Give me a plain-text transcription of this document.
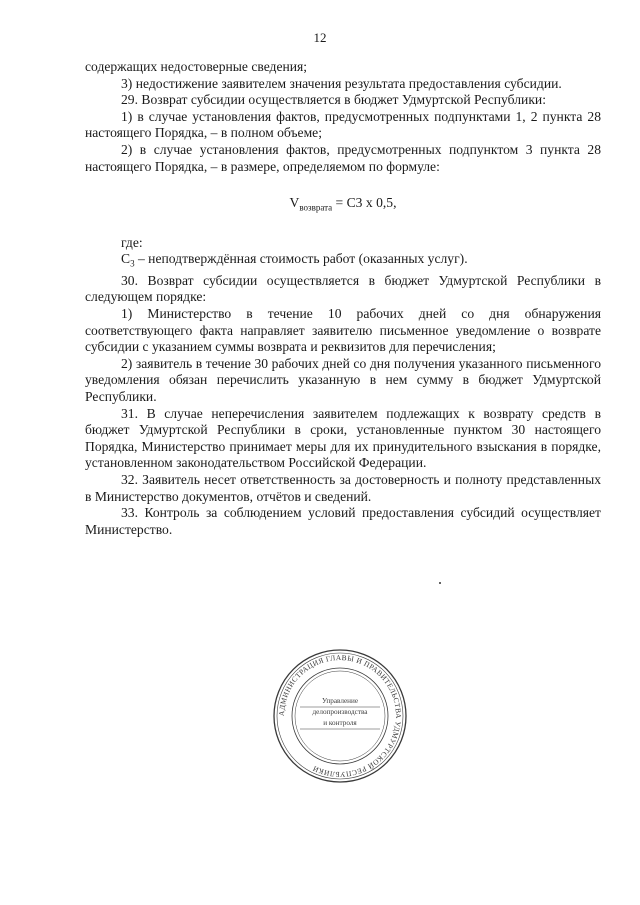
12

содержащих недостоверные сведения;

3) недостижение заявителем значения результата предоставления субсидии.

29. Возврат субсидии осуществляется в бюджет Удмуртской Республики:

1) в случае установления фактов, предусмотренных подпунктами 1, 2 пункта 28 настоящего Порядка, – в полном объеме;

2) в случае установления фактов, предусмотренных подпунктом 3 пункта 28 настоящего Порядка, – в размере, определяемом по формуле:

$V_{возврата} = С3$ х 0,5,

где:

$С_3$ – неподтверждённая стоимость работ (оказанных услуг).

30. Возврат субсидии осуществляется в бюджет Удмуртской Республики в следующем порядке:

1) Министерство в течение 10 рабочих дней со дня обнаружения соответствующего факта направляет заявителю письменное уведомление о возврате субсидии с указанием суммы возврата и реквизитов для перечисления;

2) заявитель в течение 30 рабочих дней со дня получения указанного письменного уведомления обязан перечислить указанную в нем сумму в бюджет Удмуртской Республики.

31. В случае неперечисления заявителем подлежащих к возврату средств в бюджет Удмуртской Республики в сроки, установленные пунктом 30 настоящего Порядка, Министерство принимает меры для их принудительного взыскания в порядке, установленном законодательством Российской Федерации.

32. Заявитель несет ответственность за достоверность и полноту представленных в Министерство документов, отчётов и сведений.

33. Контроль за соблюдением условий предоставления субсидий осуществляет Министерство.

АДМИНИСТРАЦИЯ ГЛАВЫ И ПРАВИТЕЛЬСТВА УДМУРТСКОЙ РЕСПУБЛИКИ
Управление
делопроизводства
и контроля
